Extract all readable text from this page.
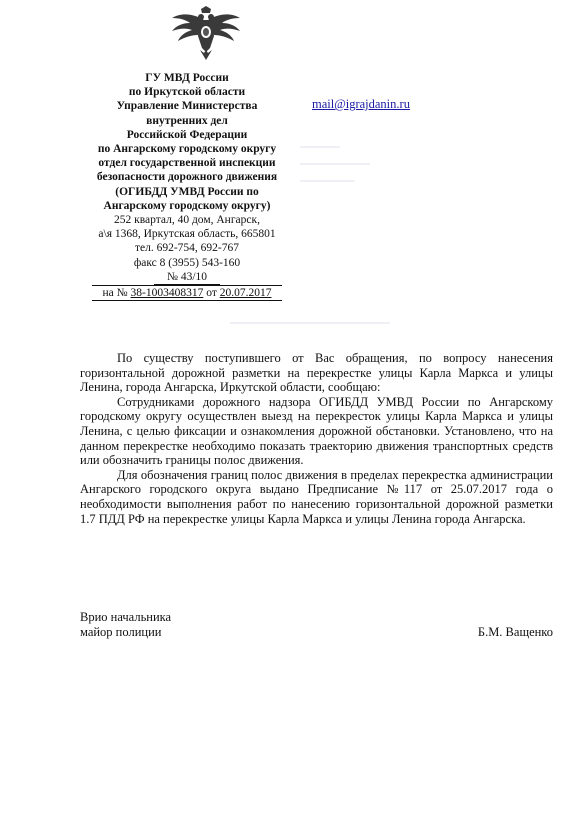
ГУ МВД России
по Иркутской области
Управление Министерства
внутренних дел
Российской Федерации
по Ангарскому городскому округу
отдел государственной инспекции
безопасности дорожного движения
(ОГИБДД УМВД России по
Ангарскому городскому округу)
252 квартал, 40 дом, Ангарск,
а\я 1368, Иркутская область, 665801
тел. 692-754, 692-767
факс 8 (3955) 543-160
№ 43/10
на № 38-1003408317 от 20.07.2017
mail@igrajdanin.ru

По существу поступившего от Вас обращения, по вопросу нанесения горизонтальной дорожной разметки на перекрестке улицы Карла Маркса и улицы Ленина, города Ангарска, Иркутской области, сообщаю:

Сотрудниками дорожного надзора ОГИБДД УМВД России по Ангарскому городскому округу осуществлен выезд на перекресток улицы Карла Маркса и улицы Ленина, с целью фиксации и ознакомления дорожной обстановки. Установлено, что на данном перекрестке необходимо показать траекторию движения транспортных средств или обозначить границы полос движения.

Для обозначения границ полос движения в пределах перекрестка администрации Ангарского городского округа выдано Предписание №117 от 25.07.2017 года о необходимости выполнения работ по нанесению горизонтальной дорожной разметки 1.7 ПДД РФ на перекрестке улицы Карла Маркса и улицы Ленина города Ангарска.

Врио начальника
майор полиции	Б.М. Ващенко
